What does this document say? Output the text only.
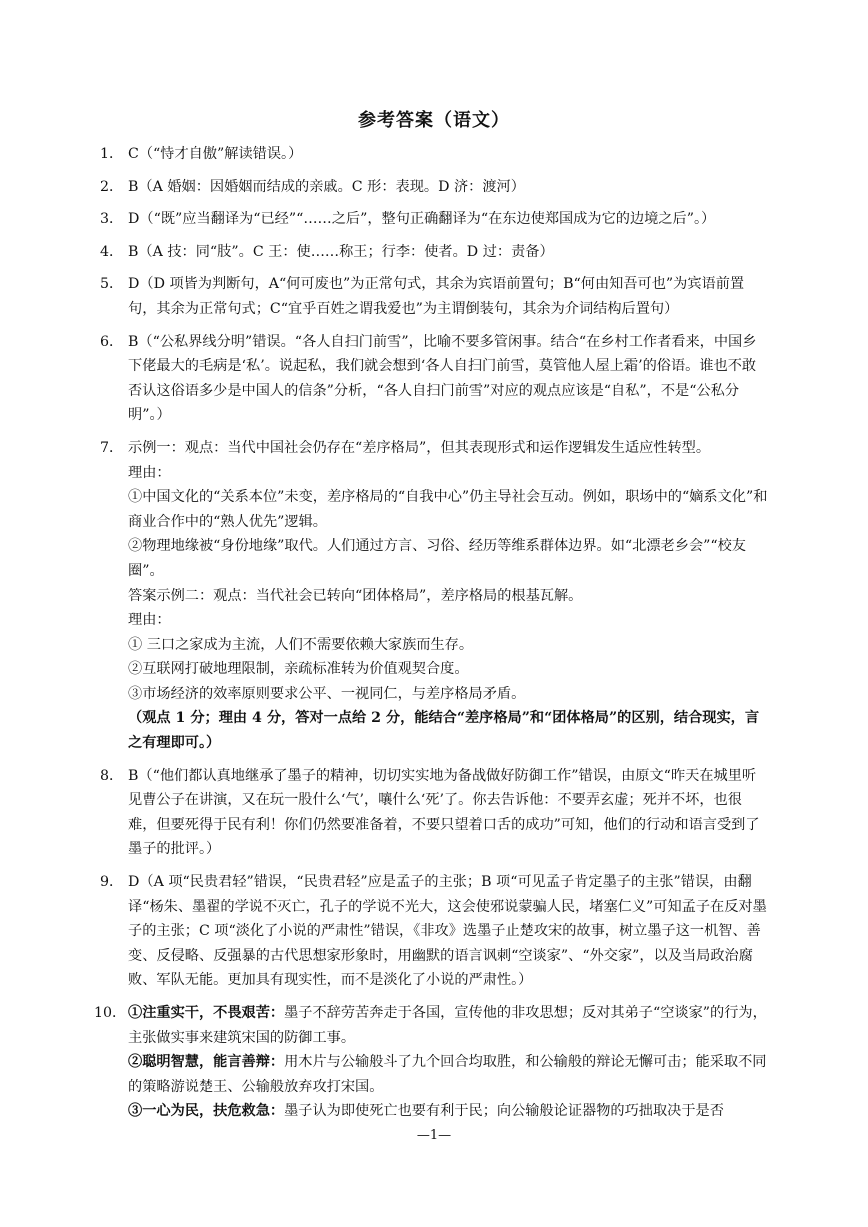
参考答案（语文）
1． C（“恃才自傲”解读错误。）
2． B（A 婚姻：因婚姻而结成的亲戚。C 形：表现。D 济：渡河）
3． D（“既”应当翻译为“已经”“……之后”，整句正确翻译为“在东边使郑国成为它的边境之后”。）
4． B（A 技：同“肢”。C 王：使……称王；行李：使者。D 过：责备）
5． D（D 项皆为判断句，A“何可废也”为正常句式，其余为宾语前置句；B“何由知吾可也”为宾语前置句，其余为正常句式；C“宜乎百姓之谓我爱也”为主谓倒装句，其余为介词结构后置句）
6． B（“公私界线分明”错误。“各人自扫门前雪”，比喻不要多管闲事。结合“在乡村工作者看来，中国乡下佬最大的毛病是‘私’。说起私，我们就会想到‘各人自扫门前雪，莫管他人屋上霜’的俗语。谁也不敢否认这俗语多少是中国人的信条”分析，“各人自扫门前雪”对应的观点应该是“自私”，不是“公私分明”。）
7． 示例一：观点：当代中国社会仍存在“差序格局”，但其表现形式和运作逻辑发生适应性转型。
理由：
①中国文化的“关系本位”未变，差序格局的“自我中心”仍主导社会互动。例如，职场中的“嫡系文化”和商业合作中的“熟人优先”逻辑。
②物理地缘被“身份地缘”取代。人们通过方言、习俗、经历等维系群体边界。如“北漂老乡会”“校友圈”。
答案示例二：观点：当代社会已转向“团体格局”，差序格局的根基瓦解。
理由：
① 三口之家成为主流，人们不需要依赖大家族而生存。
②互联网打破地理限制，亲疏标准转为价值观契合度。
③市场经济的效率原则要求公平、一视同仁，与差序格局矛盾。
（观点 1 分；理由 4 分，答对一点给 2 分，能结合“差序格局”和“团体格局”的区别，结合现实，言之有理即可。）
8． B（“他们都认真地继承了墨子的精神，切切实实地为备战做好防御工作”错误，由原文“昨天在城里听见曹公子在讲演，又在玩一股什么‘气’，嚷什么‘死’了。你去告诉他：不要弄玄虚；死并不坏，也很难，但要死得于民有利！你们仍然要准备着，不要只望着口舌的成功”可知，他们的行动和语言受到了墨子的批评。）
9． D（A 项“民贵君轻”错误，“民贵君轻”应是孟子的主张；B 项“可见孟子肯定墨子的主张”错误，由翻译“杨朱、墨翟的学说不灭亡，孔子的学说不光大，这会使邪说蒙骗人民，堵塞仁义”可知孟子在反对墨子的主张；C 项“淡化了小说的严肃性”错误，《非攻》选墨子止楚攻宋的故事，树立墨子这一机智、善变、反侵略、反强暴的古代思想家形象时，用幽默的语言讽刺“空谈家”、“外交家”，以及当局政治腐败、军队无能。更加具有现实性，而不是淡化了小说的严肃性。）
10． ①注重实干，不畏艰苦：墨子不辞劳苦奔走于各国，宣传他的非攻思想；反对其弟子“空谈家”的行为，主张做实事来建筑宋国的防御工事。
②聪明智慧，能言善辩：用木片与公输般斗了九个回合均取胜，和公输般的辩论无懈可击；能采取不同的策略游说楚王、公输般放弃攻打宋国。
③一心为民，扶危救急：墨子认为即使死亡也要有利于民；向公输般论证器物的巧拙取决于是否
—1—
